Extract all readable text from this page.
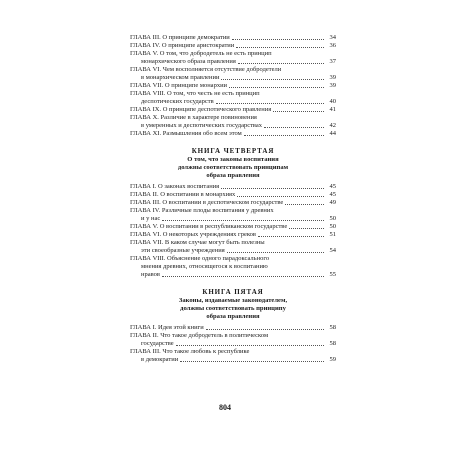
ГЛАВА III. О принципе демократии	34
ГЛАВА IV. О принципе аристократии	36
ГЛАВА V. О том, что добродетель не есть принцип
монархического образа правления	37
ГЛАВА VI. Чем восполняется отсутствие добродетели
в монархическом правлении	39
ГЛАВА VII. О принципе монархии	39
ГЛАВА VIII. О том, что честь не есть принцип
деспотических государств	40
ГЛАВА IX. О принципе деспотического правления	41
ГЛАВА X. Различие в характере повиновения
в умеренных и деспотических государствах	42
ГЛАВА XI. Размышления обо всем этом	44
КНИГА ЧЕТВЕРТАЯ
О том, что законы воспитания
должны соответствовать принципам
образа правления
ГЛАВА I. О законах воспитания	45
ГЛАВА II. О воспитании в монархиях	45
ГЛАВА III. О воспитании в деспотическом государстве	49
ГЛАВА IV. Различные плоды воспитания у древних
и у нас	50
ГЛАВА V. О воспитании в республиканском государстве	50
ГЛАВА VI. О некоторых учреждениях греков	51
ГЛАВА VII. В каком случае могут быть полезны
эти своеобразные учреждения	54
ГЛАВА VIII. Объяснение одного парадоксального
мнения древних, относящегося к воспитанию
нравов	55
КНИГА ПЯТАЯ
Законы, издаваемые законодателем,
должны соответствовать принципу
образа правления
ГЛАВА I. Идея этой книги	58
ГЛАВА II. Что такое добродетель в политическом
государстве	58
ГЛАВА III. Что такое любовь к республике
в демократии	59
804
